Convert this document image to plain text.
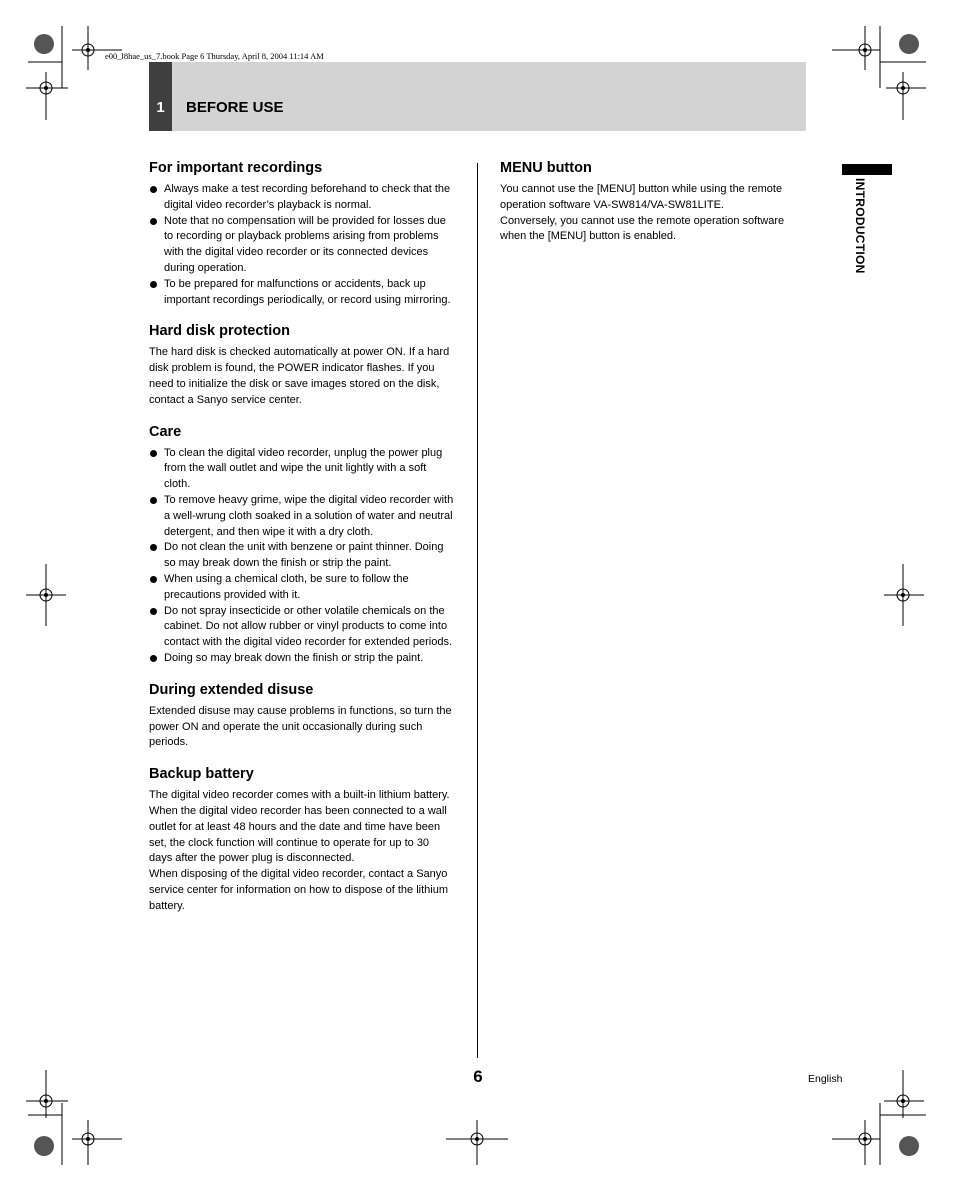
e00_l8hae_us_7.book Page 6 Thursday, April 8, 2004 11:14 AM
1	BEFORE USE
INTRODUCTION
For important recordings
Always make a test recording beforehand to check that the digital video recorder’s playback is normal.
Note that no compensation will be provided for losses due to recording or playback problems arising from problems with the digital video recorder or its connected devices during operation.
To be prepared for malfunctions or accidents, back up important recordings periodically, or record using mirroring.
Hard disk protection

The hard disk is checked automatically at power ON. If a hard disk problem is found, the POWER indicator flashes. If you need to initialize the disk or save images stored on the disk, contact a Sanyo service center.

Care
To clean the digital video recorder, unplug the power plug from the wall outlet and wipe the unit lightly with a soft cloth.
To remove heavy grime, wipe the digital video recorder with a well-wrung cloth soaked in a solution of water and neutral detergent, and then wipe it with a dry cloth.
Do not clean the unit with benzene or paint thinner. Doing so may break down the finish or strip the paint.
When using a chemical cloth, be sure to follow the precautions provided with it.
Do not spray insecticide or other volatile chemicals on the cabinet. Do not allow rubber or vinyl products to come into contact with the digital video recorder for extended periods.
Doing so may break down the finish or strip the paint.
During extended disuse

Extended disuse may cause problems in functions, so turn the power ON and operate the unit occasionally during such periods.

Backup battery

The digital video recorder comes with a built-in lithium battery. When the digital video recorder has been connected to a wall outlet for at least 48 hours and the date and time have been set, the clock function will continue to operate for up to 30 days after the power plug is disconnected.

When disposing of the digital video recorder, contact a Sanyo service center for information on how to dispose of the lithium battery.

MENU button

You cannot use the [MENU] button while using the remote operation software VA-SW814/VA-SW81LITE.

Conversely, you cannot use the remote operation software when the [MENU] button is enabled.

6	English
